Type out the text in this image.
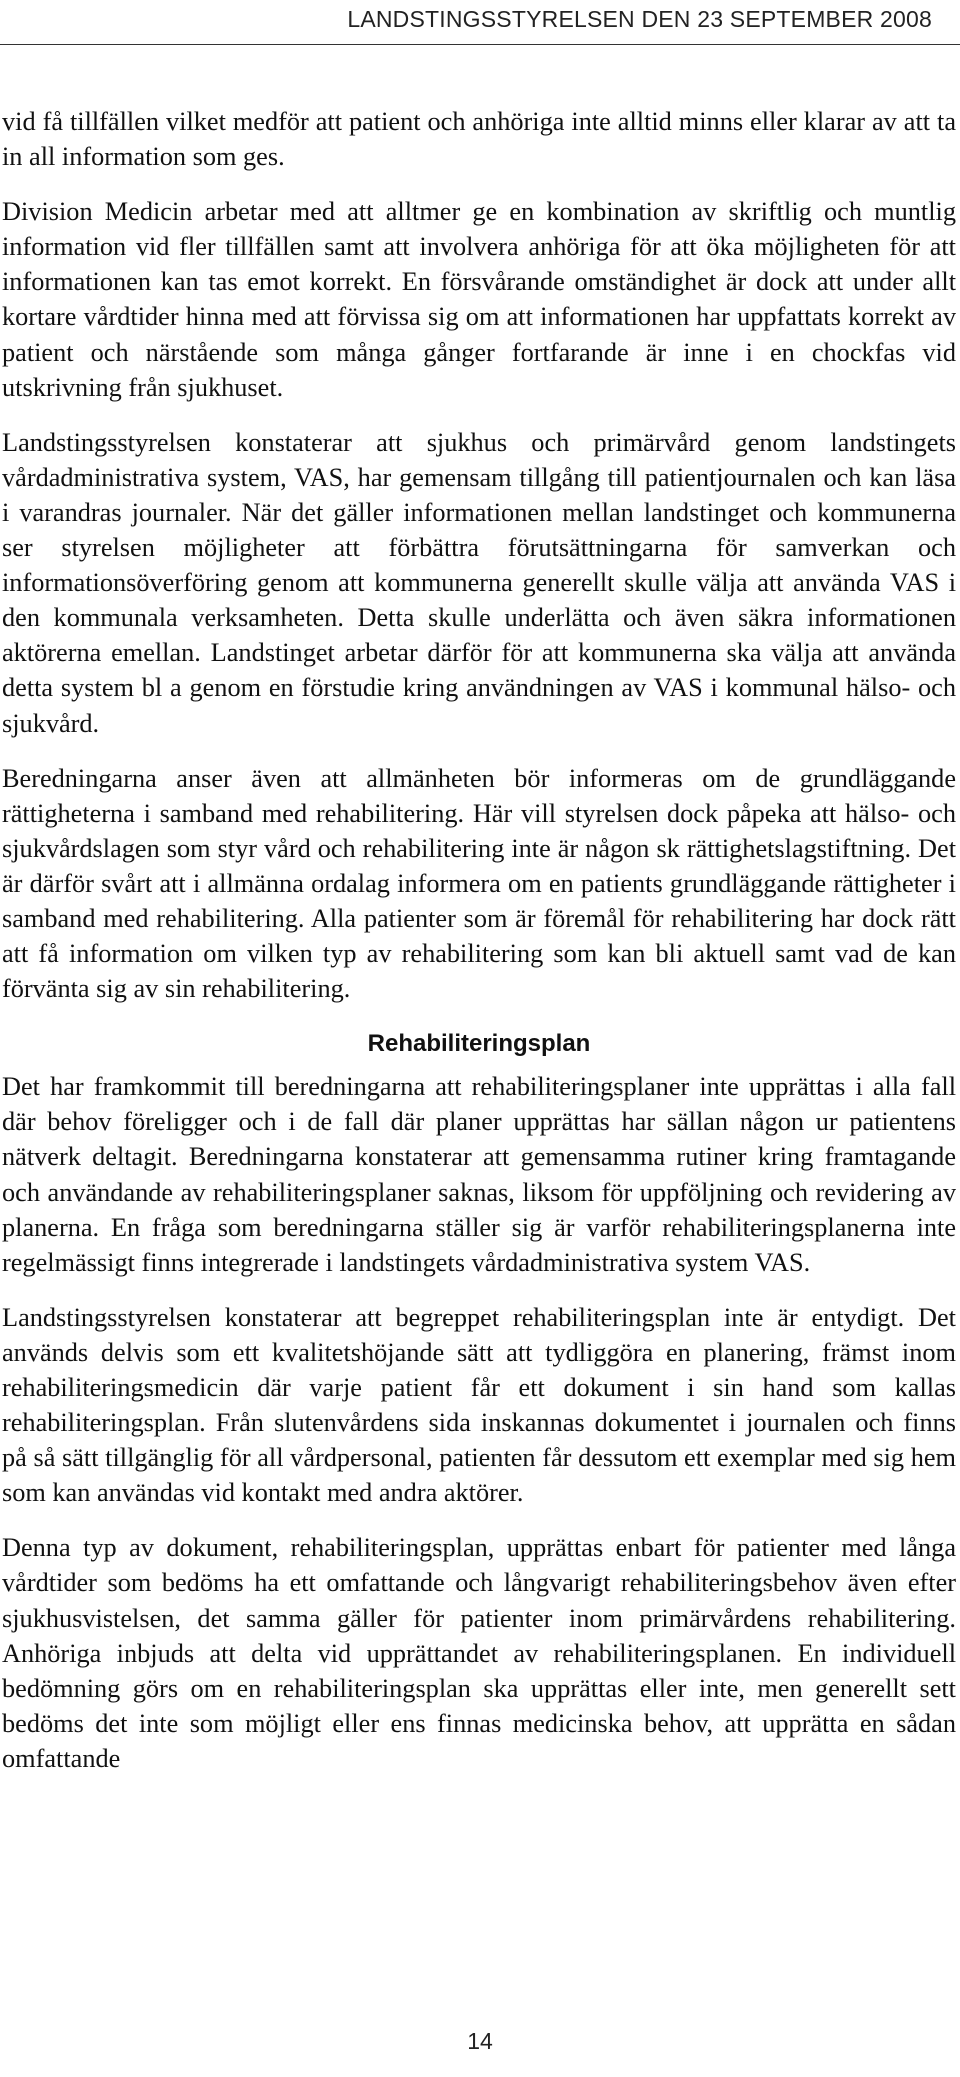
LANDSTINGSSTYRELSEN DEN 23 SEPTEMBER 2008

vid få tillfällen vilket medför att patient och anhöriga inte alltid minns eller klarar av att ta in all information som ges.

Division Medicin arbetar med att alltmer ge en kombination av skriftlig och muntlig information vid fler tillfällen samt att involvera anhöriga för att öka möjligheten för att informationen kan tas emot korrekt. En försvårande omständighet är dock att under allt kortare vårdtider hinna med att förvissa sig om att informationen har uppfattats korrekt av patient och närstående som många gånger fortfarande är inne i en chockfas vid utskrivning från sjukhuset.

Landstingsstyrelsen konstaterar att sjukhus och primärvård genom landstingets vårdadministrativa system, VAS, har gemensam tillgång till patientjournalen och kan läsa i varandras journaler. När det gäller informationen mellan landstinget och kommunerna ser styrelsen möjligheter att förbättra förutsättningarna för samverkan och informationsöverföring genom att kommunerna generellt skulle välja att använda VAS i den kommunala verksamheten. Detta skulle underlätta och även säkra informationen aktörerna emellan. Landstinget arbetar därför för att kommunerna ska välja att använda detta system bl a genom en förstudie kring användningen av VAS i kommunal hälso- och sjukvård.

Beredningarna anser även att allmänheten bör informeras om de grundläggande rättigheterna i samband med rehabilitering. Här vill styrelsen dock påpeka att hälso- och sjukvårdslagen som styr vård och rehabilitering inte är någon sk rättighetslagstiftning. Det är därför svårt att i allmänna ordalag informera om en patients grundläggande rättigheter i samband med rehabilitering. Alla patienter som är föremål för rehabilitering har dock rätt att få information om vilken typ av rehabilitering som kan bli aktuell samt vad de kan förvänta sig av sin rehabilitering.

Rehabiliteringsplan

Det har framkommit till beredningarna att rehabiliteringsplaner inte upprättas i alla fall där behov föreligger och i de fall där planer upprättas har sällan någon ur patientens nätverk deltagit. Beredningarna konstaterar att gemensamma rutiner kring framtagande och användande av rehabiliteringsplaner saknas, liksom för uppföljning och revidering av planerna. En fråga som beredningarna ställer sig är varför rehabiliteringsplanerna inte regelmässigt finns integrerade i landstingets vårdadministrativa system VAS.

Landstingsstyrelsen konstaterar att begreppet rehabiliteringsplan inte är entydigt. Det används delvis som ett kvalitetshöjande sätt att tydliggöra en planering, främst inom rehabiliteringsmedicin där varje patient får ett dokument i sin hand som kallas rehabiliteringsplan. Från slutenvårdens sida inskannas dokumentet i journalen och finns på så sätt tillgänglig för all vårdpersonal, patienten får dessutom ett exemplar med sig hem som kan användas vid kontakt med andra aktörer.

Denna typ av dokument, rehabiliteringsplan, upprättas enbart för patienter med långa vårdtider som bedöms ha ett omfattande och långvarigt rehabiliteringsbehov även efter sjukhusvistelsen, det samma gäller för patienter inom primärvårdens rehabilitering. Anhöriga inbjuds att delta vid upprättandet av rehabiliteringsplanen. En individuell bedömning görs om en rehabiliteringsplan ska upprättas eller inte, men generellt sett bedöms det inte som möjligt eller ens finnas medicinska behov, att upprätta en sådan omfattande

14
